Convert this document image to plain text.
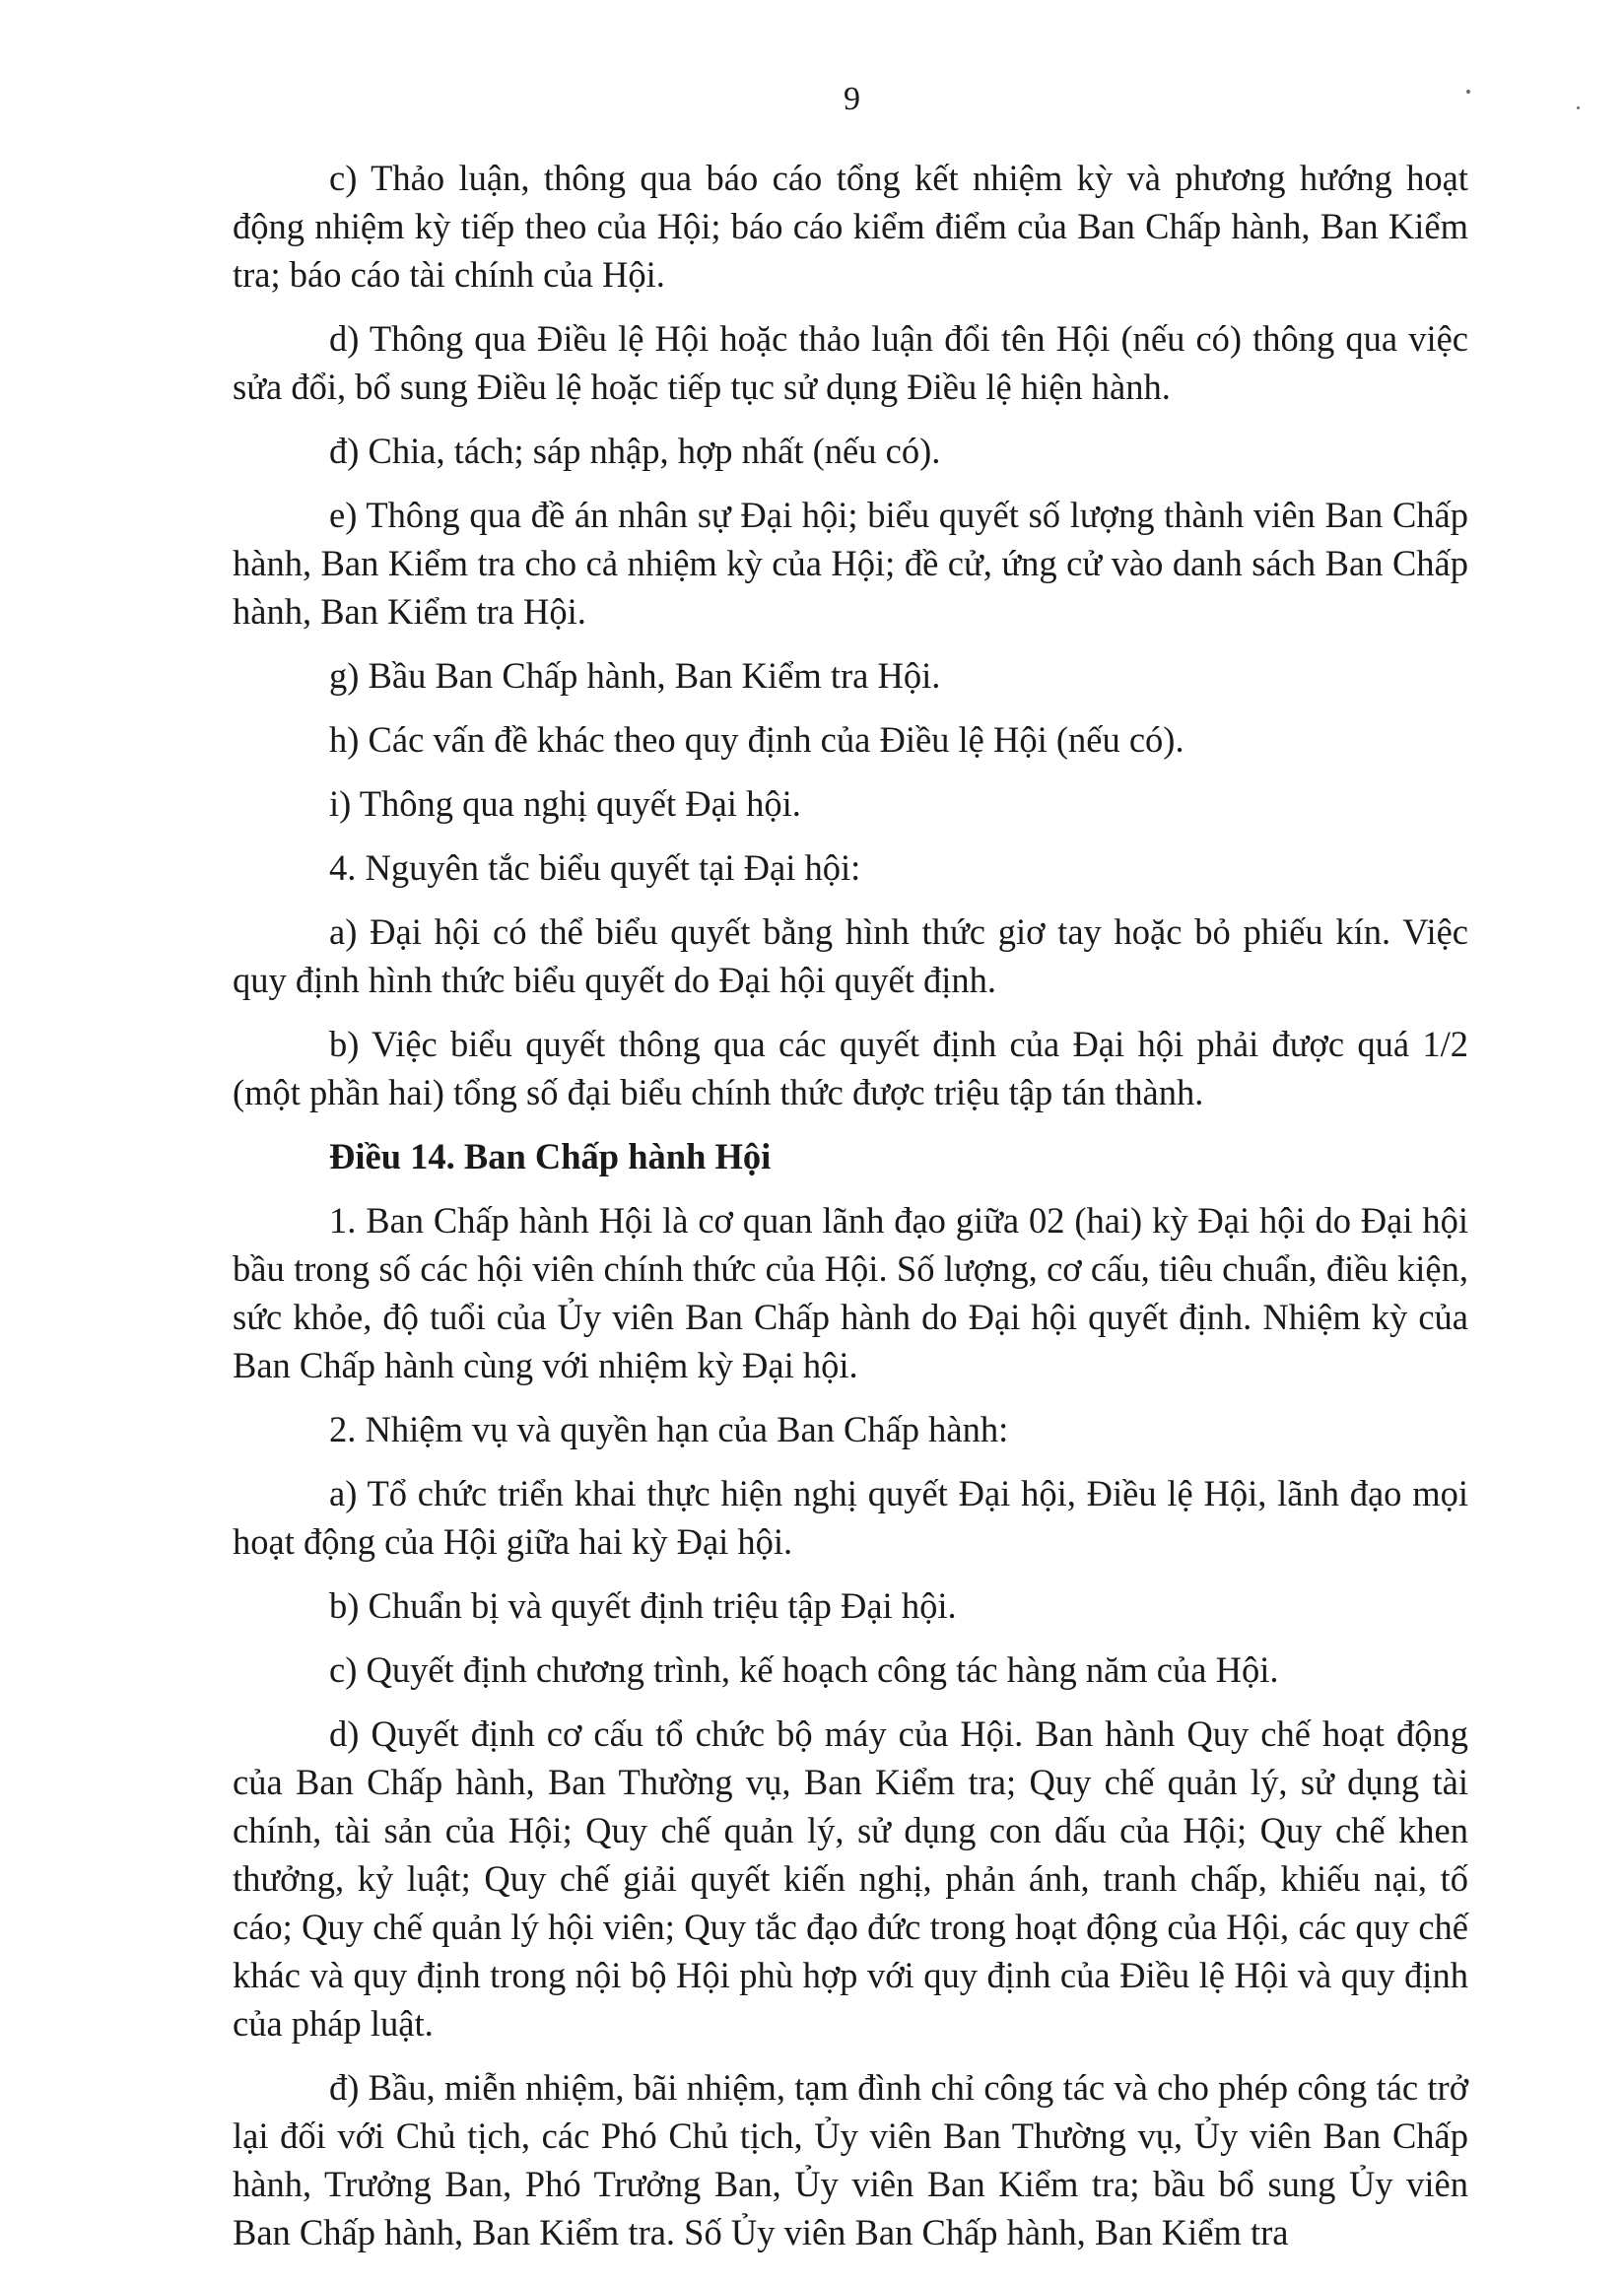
9

c) Thảo luận, thông qua báo cáo tổng kết nhiệm kỳ và phương hướng hoạt động nhiệm kỳ tiếp theo của Hội; báo cáo kiểm điểm của Ban Chấp hành, Ban Kiểm tra; báo cáo tài chính của Hội.

d) Thông qua Điều lệ Hội hoặc thảo luận đổi tên Hội (nếu có) thông qua việc sửa đổi, bổ sung Điều lệ hoặc tiếp tục sử dụng Điều lệ hiện hành.

đ) Chia, tách; sáp nhập, hợp nhất (nếu có).

e) Thông qua đề án nhân sự Đại hội; biểu quyết số lượng thành viên Ban Chấp hành, Ban Kiểm tra cho cả nhiệm kỳ của Hội; đề cử, ứng cử vào danh sách Ban Chấp hành, Ban Kiểm tra Hội.

g) Bầu Ban Chấp hành, Ban Kiểm tra Hội.

h) Các vấn đề khác theo quy định của Điều lệ Hội (nếu có).

i) Thông qua nghị quyết Đại hội.

4. Nguyên tắc biểu quyết tại Đại hội:

a) Đại hội có thể biểu quyết bằng hình thức giơ tay hoặc bỏ phiếu kín. Việc quy định hình thức biểu quyết do Đại hội quyết định.

b) Việc biểu quyết thông qua các quyết định của Đại hội phải được quá 1/2 (một phần hai) tổng số đại biểu chính thức được triệu tập tán thành.

Điều 14. Ban Chấp hành Hội

1. Ban Chấp hành Hội là cơ quan lãnh đạo giữa 02 (hai) kỳ Đại hội do Đại hội bầu trong số các hội viên chính thức của Hội. Số lượng, cơ cấu, tiêu chuẩn, điều kiện, sức khỏe, độ tuổi của Ủy viên Ban Chấp hành do Đại hội quyết định. Nhiệm kỳ của Ban Chấp hành cùng với nhiệm kỳ Đại hội.

2. Nhiệm vụ và quyền hạn của Ban Chấp hành:

a) Tổ chức triển khai thực hiện nghị quyết Đại hội, Điều lệ Hội, lãnh đạo mọi hoạt động của Hội giữa hai kỳ Đại hội.

b) Chuẩn bị và quyết định triệu tập Đại hội.

c) Quyết định chương trình, kế hoạch công tác hàng năm của Hội.

d) Quyết định cơ cấu tổ chức bộ máy của Hội. Ban hành Quy chế hoạt động của Ban Chấp hành, Ban Thường vụ, Ban Kiểm tra; Quy chế quản lý, sử dụng tài chính, tài sản của Hội; Quy chế quản lý, sử dụng con dấu của Hội; Quy chế khen thưởng, kỷ luật; Quy chế giải quyết kiến nghị, phản ánh, tranh chấp, khiếu nại, tố cáo; Quy chế quản lý hội viên; Quy tắc đạo đức trong hoạt động của Hội, các quy chế khác và quy định trong nội bộ Hội phù hợp với quy định của Điều lệ Hội và quy định của pháp luật.

đ) Bầu, miễn nhiệm, bãi nhiệm, tạm đình chỉ công tác và cho phép công tác trở lại đối với Chủ tịch, các Phó Chủ tịch, Ủy viên Ban Thường vụ, Ủy viên Ban Chấp hành, Trưởng Ban, Phó Trưởng Ban, Ủy viên Ban Kiểm tra; bầu bổ sung Ủy viên Ban Chấp hành, Ban Kiểm tra. Số Ủy viên Ban Chấp hành, Ban Kiểm tra
